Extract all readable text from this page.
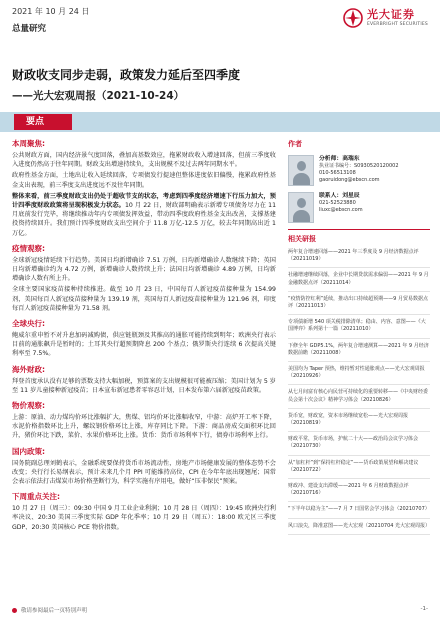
2021 年 10 月 24 日
总量研究
光大证券
EVERBRIGHT SECURITIES
财政收支同步走弱，政策发力延后至四季度
——光大宏观周报（2021-10-24）
要点
本周聚焦:
公共财政方面，国内经济景气度回落，叠加高基数效应，拖累财政收入增速回落，但前三季度收入进度仍然高于往年同期。财政支出增速持续负，支出规模不及过去两年同期水平。
政府性基金方面，土地出让收入延续回落，专项债发行提速但整体进度依旧偏慢，拖累政府性基金支出表现，前三季度支出进度远不及往年同期。
整体来看，前三季度财政支出仍处于超收节支的状态，考虑到四季度经济增速下行压力加大，预计四季度财政政策将呈现积极发力状态。10 月 22 日，财政部明确表示新增专项债务尽力在 11 月底前发行完毕，将继续推动年内专项债发挥效益，带动四季度政府性基金支出改善，支撑基建投资持续回升。我们预计四季度财政支出空间介于 11.8 万亿-12.5 万亿，较去年同期高出近 1 万亿。
疫情观察:
全球新冠疫情延续下行趋势。美国日均新增确诊 7.51 万例，日均新增确诊人数继续下降；英国日均新增确诊约为 4.72 万例，新增确诊人数持续上升；法国日均新增确诊 4.89 万例，日均新增确诊人数有所上升。
全球主要国家疫苗接种持续推进。截至 10 月 23 日，中国每百人新冠疫苗接种量为 154.99 剂，美国每百人新冠疫苗接种量为 139.19 剂，英国每百人新冠疫苗接种量为 121.96 剂，印度每百人新冠疫苗接种量为 71.58 剂。
全球央行:
鲍威尔重申暂不对升息加码减购债，供应链瓶颈及其推高的通胀可能持续到明年；欧洲央行表示目前的通胀飙升是暂时的；土耳其央行超预期降息 200 个基点；俄罗斯央行连续 6 次提高关键利率至 7.5%。
海外财政:
拜登首度承认没有足够的票数支持大幅加税，预算案的支出规模很可能被压缩；美国计划为 5 岁至 11 岁儿童接种新冠疫苗；日本宣布新冠患者零容忍计划，日本发布第六届新冠疫苗政策。
物价观察:
上游：原油、动力煤均价环比涨幅扩大，焦煤、铝均价环比涨幅收窄，中游：高炉开工率下降，水泥价格指数环比上升，螺纹钢价格环比上涨，库存同比下降。下游：商品房成交面积环比回升，猪价环比下跌，菜价、水果价格环比上涨。货币：货币市场利率下行，债券市场利率上行。
国内政策:
国务院副总理刘鹤表示，金融系统要保持货币市场流动性，房地产市场健康发展的整体态势不会改变；央行行长易纲表示，预计未来几个月 PPI 可能维持高位，CPI 在今年年底出现翘尾；国常会表示依法打击煤炭市场价格垄断行为，科学实施有序用电，做好“压非保民”预案。
下周重点关注:
10 月 27 日（周三）：09:30 中国 9 月工业企业利润；10 月 28 日（周四）：19:45 欧洲央行利率决议、20:30 美国三季度实际 GDP 年化季率；10 月 29 日（周五）：18:00 欧元区三季度 GDP、20:30 美国核心 PCE 物价指数。
作者
分析师：高瑞东
执业证书编号：S0930520120002
010-56513108
gaoruidong@ebscn.com
联系人：刘星辰
021-52523880
liuxc@ebscn.com
相关研报
两年复合增速回落——2021 年三季度及 9 月经济数据点评（20211019）
社融增速继续回落，企业中长期贷款需求偏弱——2021 年 9 月金融数据点评（20211014）
“疫情防控红利”延续，推动出口持续超预期——9 月贸易数据点评（20211013）
专项债新增 540 项关税排除清单；稳由、内容、意图——《大国博弈》系列第十一篇（20211010）
下修全年 GDP5.1%，两年复合增速测算——2021 年 9 月经济数据前瞻（20211008）
美国均为 Taper 预热，维持暂对性通胀观点——光大宏观周报（20210926）
从七月间富有核心向民营可持续化的重要转移——《中央财经委员会第十次会议》精神学习体会（20210826）
货币宽，财政宽，资本市场继续宽松——光大宏观周报（20210819）
财政平常，货币市场，护航二十大——政治局会议学习体会（20210730）
从“加杠杆”到“保持杠杆稳定”——货币政策展望和解决建议（20210722）
财政冲、建设支出滞缓——2021 年 6 月财政数据点评（20210716）
“下半年以稳为主”——7 月 7 日国常会学习体会（20210707）
风口浪尖，降准意图——光大宏观（20210704 光大宏观周报）
敬请参阅最后一页特别声明	-1-
